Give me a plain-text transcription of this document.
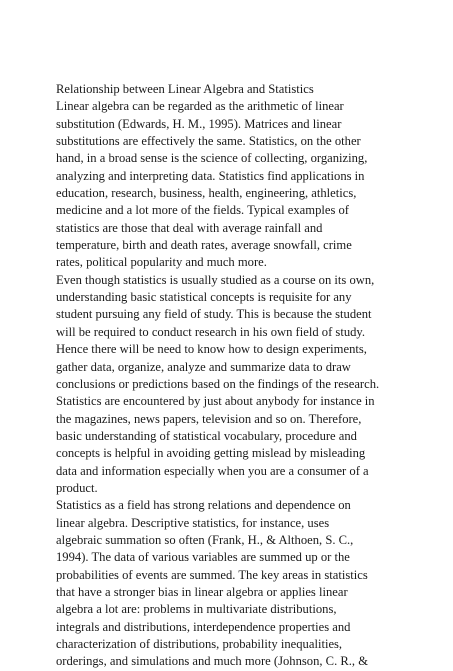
Relationship between Linear Algebra and Statistics
Linear algebra can be regarded as the arithmetic of linear
substitution (Edwards, H. M., 1995). Matrices and linear
substitutions are effectively the same. Statistics, on the other
hand, in a broad sense is the science of collecting, organizing,
analyzing and interpreting data. Statistics find applications in
education, research, business, health, engineering, athletics,
medicine and a lot more of the fields. Typical examples of
statistics are those that deal with average rainfall and
temperature, birth and death rates, average snowfall, crime
rates, political popularity and much more.
Even though statistics is usually studied as a course on its own,
understanding basic statistical concepts is requisite for any
student pursuing any field of study. This is because the student
will be required to conduct research in his own field of study.
Hence there will be need to know how to design experiments,
gather data, organize, analyze and summarize data to draw
conclusions or predictions based on the findings of the research.
Statistics are encountered by just about anybody for instance in
the magazines, news papers, television and so on. Therefore,
basic understanding of statistical vocabulary, procedure and
concepts is helpful in avoiding getting mislead by misleading
data and information especially when you are a consumer of a
product.
Statistics as a field has strong relations and dependence on
linear algebra. Descriptive statistics, for instance, uses
algebraic summation so often (Frank, H., & Althoen, S. C.,
1994). The data of various variables are summed up or the
probabilities of events are summed. The key areas in statistics
that have a stronger bias in linear algebra or applies linear
algebra a lot are: problems in multivariate distributions,
integrals and distributions, interdependence properties and
characterization of distributions, probability inequalities,
orderings, and simulations and much more (Johnson, C. R., &
